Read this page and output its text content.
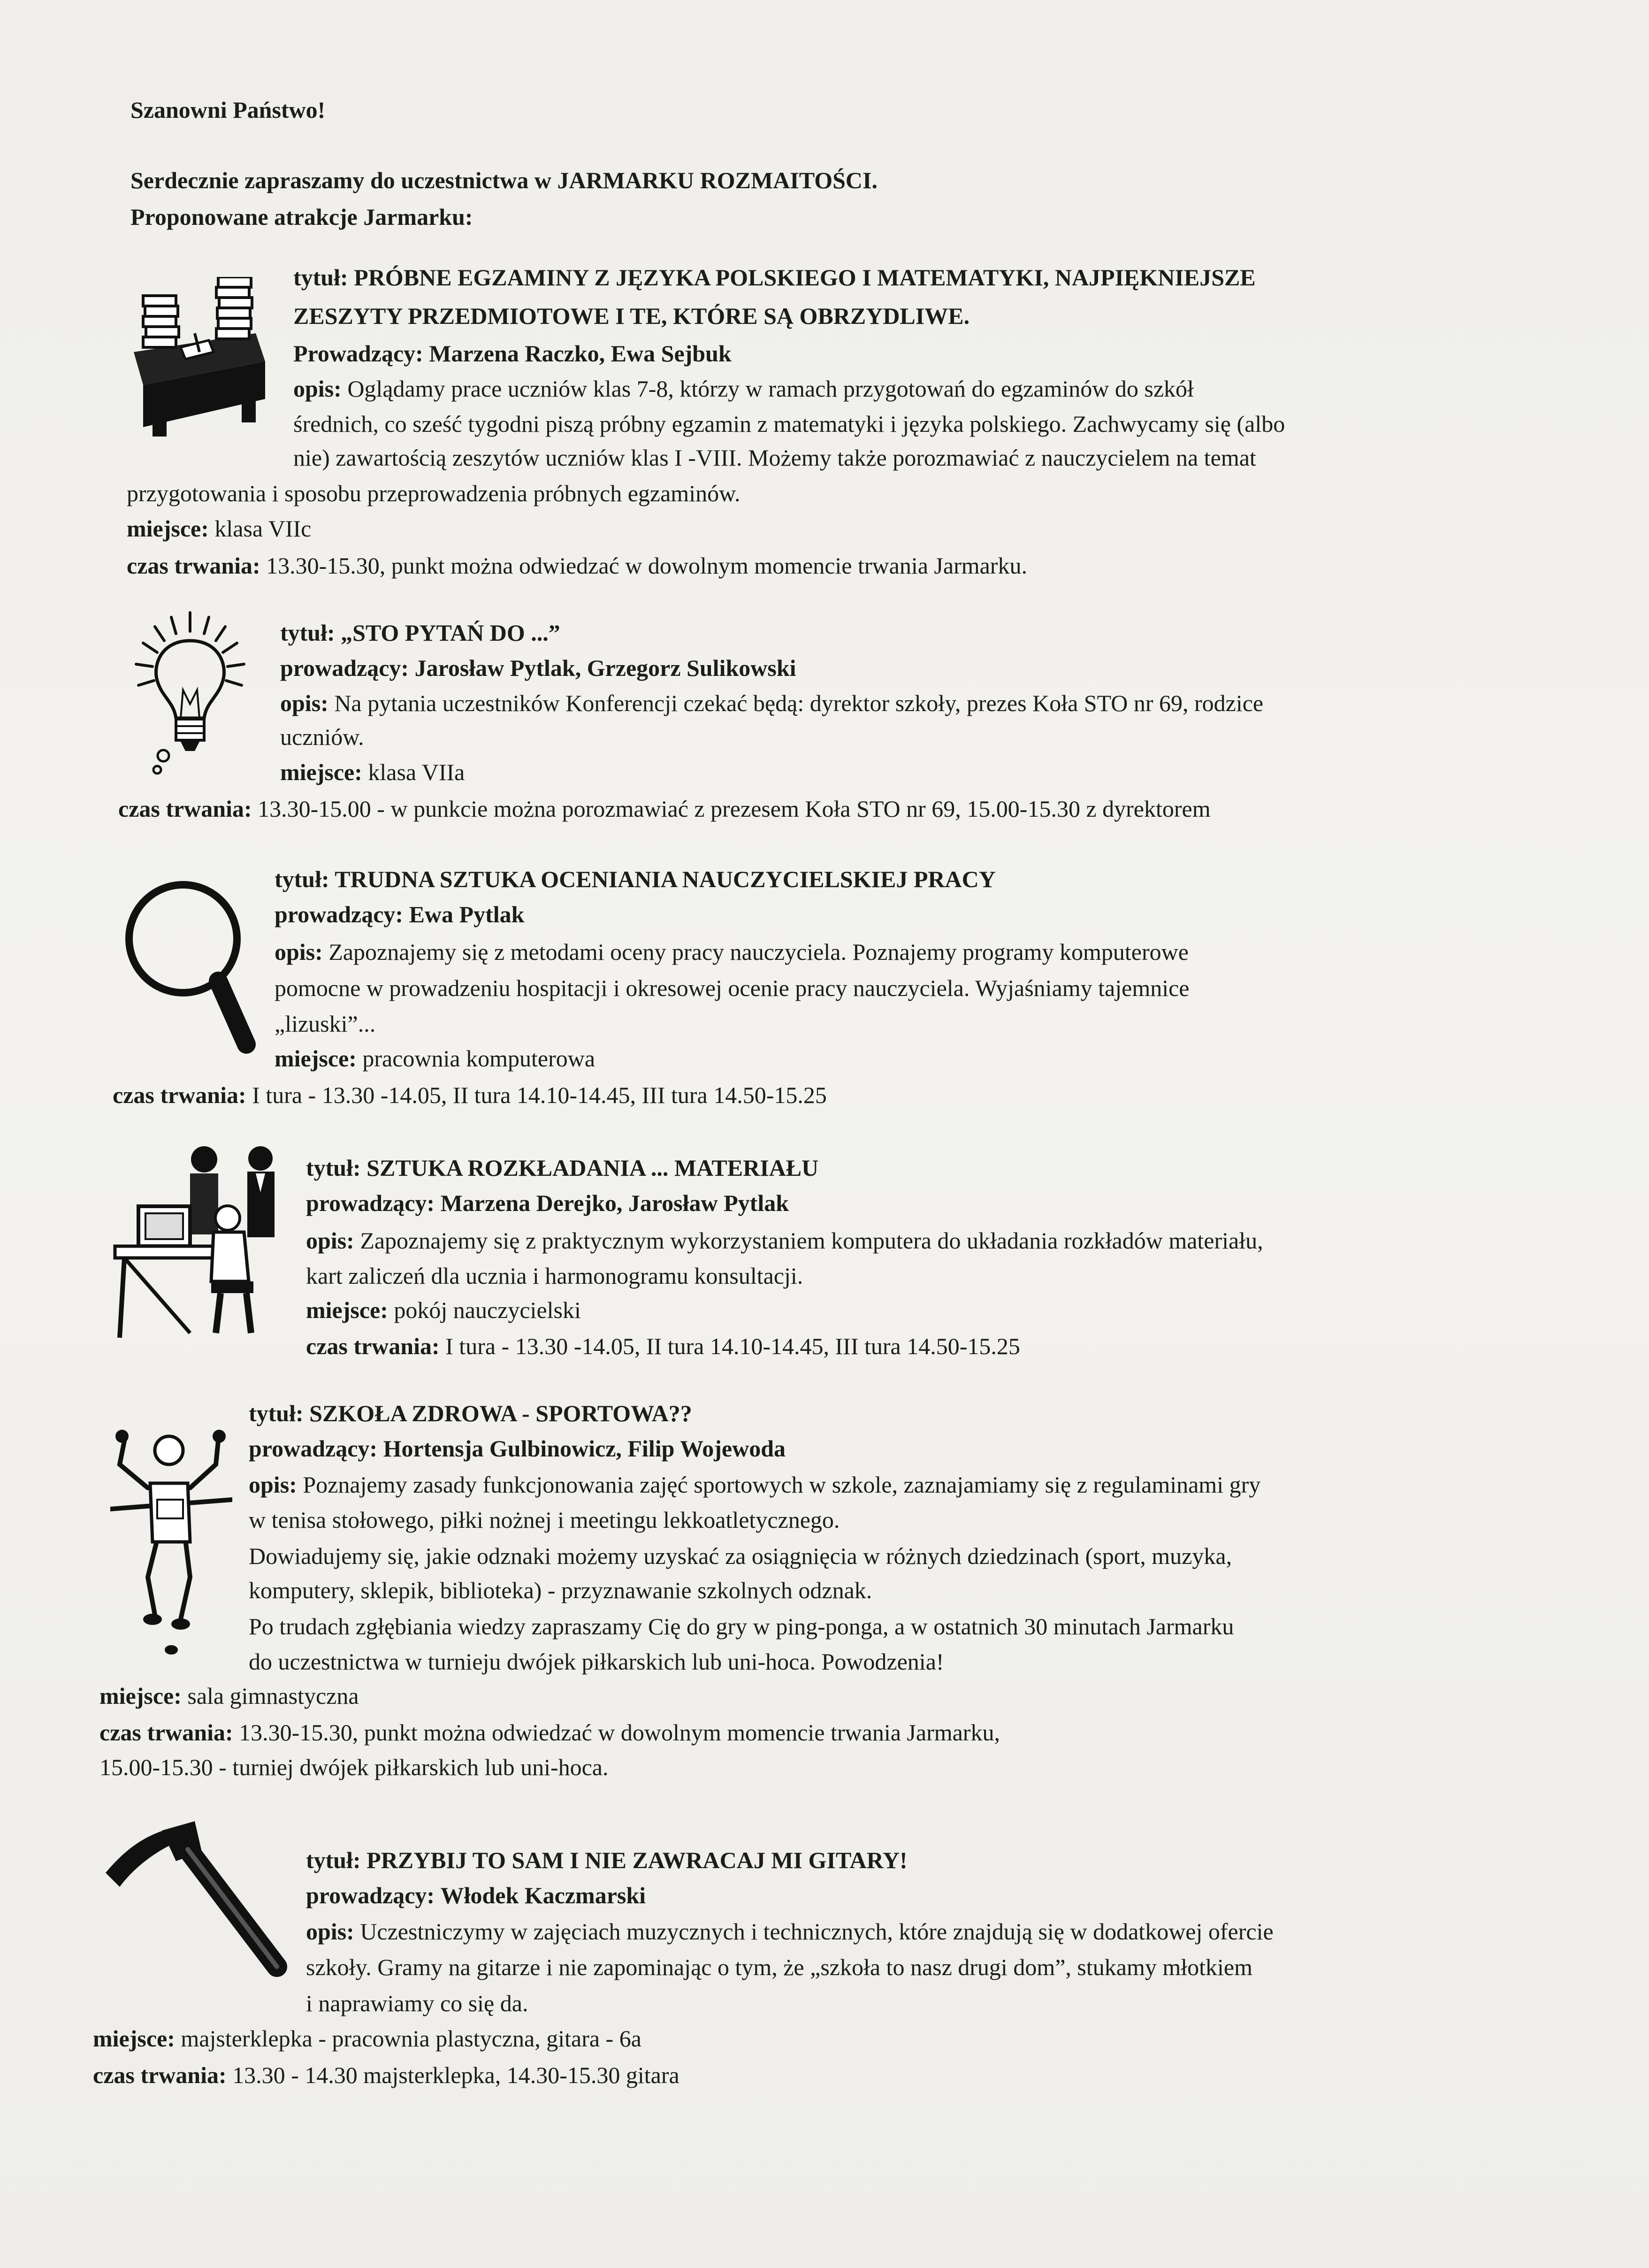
Szanowni Państwo!
Serdecznie zapraszamy do uczestnictwa w JARMARKU ROZMAITOŚCI.
Proponowane atrakcje Jarmarku:
tytuł: PRÓBNE EGZAMINY Z JĘZYKA POLSKIEGO I MATEMATYKI, NAJPIĘKNIEJSZE
ZESZYTY PRZEDMIOTOWE I TE, KTÓRE SĄ OBRZYDLIWE.
Prowadzący: Marzena Raczko, Ewa Sejbuk
opis: Oglądamy prace uczniów klas 7-8, którzy w ramach przygotowań do egzaminów do szkół
średnich, co sześć tygodni piszą próbny egzamin z matematyki i języka polskiego. Zachwycamy się (albo
nie) zawartością zeszytów uczniów klas I -VIII. Możemy także porozmawiać z nauczycielem na temat
przygotowania i sposobu przeprowadzenia próbnych egzaminów.
miejsce: klasa VIIc
czas trwania: 13.30-15.30, punkt można odwiedzać w dowolnym momencie trwania Jarmarku.
tytuł: „STO PYTAŃ DO ...”
prowadzący: Jarosław Pytlak, Grzegorz Sulikowski
opis: Na pytania uczestników Konferencji czekać będą: dyrektor szkoły, prezes Koła STO nr 69, rodzice
uczniów.
miejsce: klasa VIIa
czas trwania: 13.30-15.00 - w punkcie można porozmawiać z prezesem Koła STO nr 69, 15.00-15.30 z dyrektorem
tytuł: TRUDNA SZTUKA OCENIANIA NAUCZYCIELSKIEJ PRACY
prowadzący: Ewa Pytlak
opis: Zapoznajemy się z metodami oceny pracy nauczyciela. Poznajemy programy komputerowe
pomocne w prowadzeniu hospitacji i okresowej ocenie pracy nauczyciela. Wyjaśniamy tajemnice
„lizuski”...
miejsce: pracownia komputerowa
czas trwania: I tura - 13.30 -14.05, II tura 14.10-14.45, III tura 14.50-15.25
tytuł: SZTUKA ROZKŁADANIA ... MATERIAŁU
prowadzący: Marzena Derejko, Jarosław Pytlak
opis: Zapoznajemy się z praktycznym wykorzystaniem komputera do układania rozkładów materiału,
kart zaliczeń dla ucznia i harmonogramu konsultacji.
miejsce: pokój nauczycielski
czas trwania: I tura - 13.30 -14.05, II tura 14.10-14.45, III tura 14.50-15.25
tytuł: SZKOŁA ZDROWA - SPORTOWA??
prowadzący: Hortensja Gulbinowicz, Filip Wojewoda
opis: Poznajemy zasady funkcjonowania zajęć sportowych w szkole, zaznajamiamy się z regulaminami gry
w tenisa stołowego, piłki nożnej i meetingu lekkoatletycznego.
Dowiadujemy się, jakie odznaki możemy uzyskać za osiągnięcia w różnych dziedzinach (sport, muzyka,
komputery, sklepik, biblioteka) - przyznawanie szkolnych odznak.
Po trudach zgłębiania wiedzy zapraszamy Cię do gry w ping-ponga, a w ostatnich 30 minutach Jarmarku
do uczestnictwa w turnieju dwójek piłkarskich lub uni-hoca. Powodzenia!
miejsce: sala gimnastyczna
czas trwania: 13.30-15.30, punkt można odwiedzać w dowolnym momencie trwania Jarmarku,
15.00-15.30 - turniej dwójek piłkarskich lub uni-hoca.
tytuł: PRZYBIJ TO SAM I NIE ZAWRACAJ MI GITARY!
prowadzący: Włodek Kaczmarski
opis: Uczestniczymy w zajęciach muzycznych i technicznych, które znajdują się w dodatkowej ofercie
szkoły. Gramy na gitarze i nie zapominając o tym, że „szkoła to nasz drugi dom”, stukamy młotkiem
i naprawiamy co się da.
miejsce: majsterklepka - pracownia plastyczna, gitara - 6a
czas trwania: 13.30 - 14.30 majsterklepka, 14.30-15.30 gitara
